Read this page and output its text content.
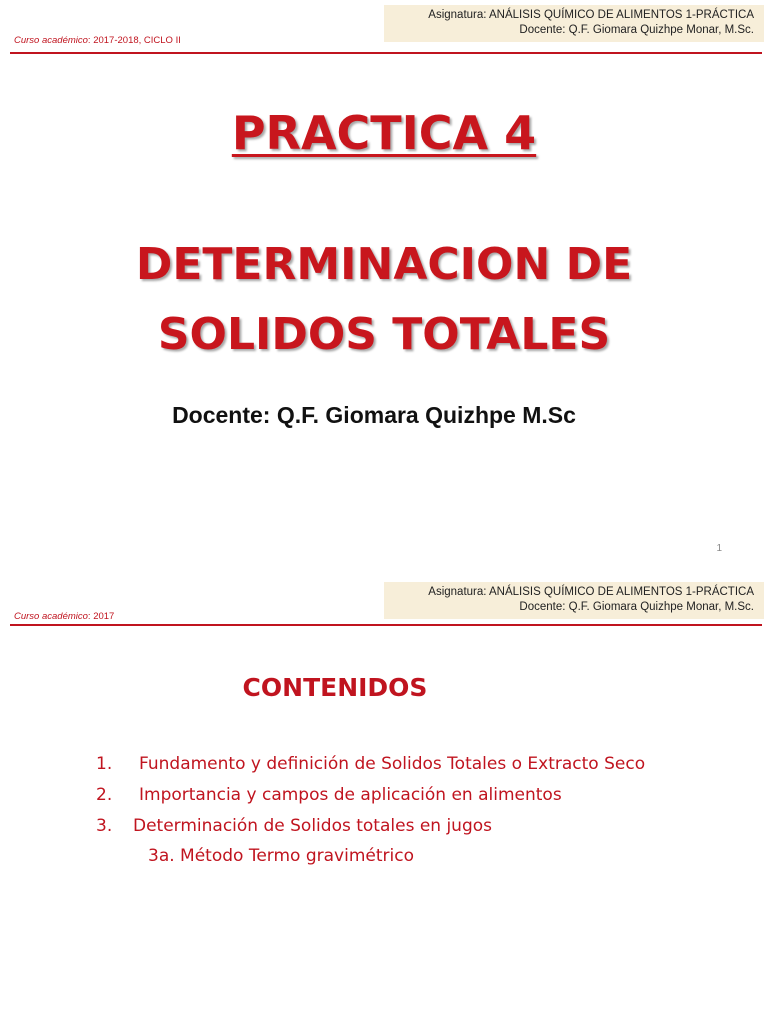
Asignatura: ANÁLISIS QUÍMICO DE ALIMENTOS 1-PRÁCTICA
Docente: Q.F. Giomara Quizhpe Monar, M.Sc.
Curso académico: 2017-2018, CICLO II
PRACTICA 4
DETERMINACION DE
SOLIDOS TOTALES
Docente: Q.F. Giomara Quizhpe M.Sc
1
Asignatura: ANÁLISIS QUÍMICO DE ALIMENTOS 1-PRÁCTICA
Docente: Q.F. Giomara Quizhpe Monar, M.Sc.
Curso académico: 2017
CONTENIDOS
1. Fundamento y definición de Solidos Totales o Extracto Seco
2. Importancia y campos de aplicación en alimentos
3. Determinación de Solidos totales en jugos
3a. Método Termo gravimétrico
